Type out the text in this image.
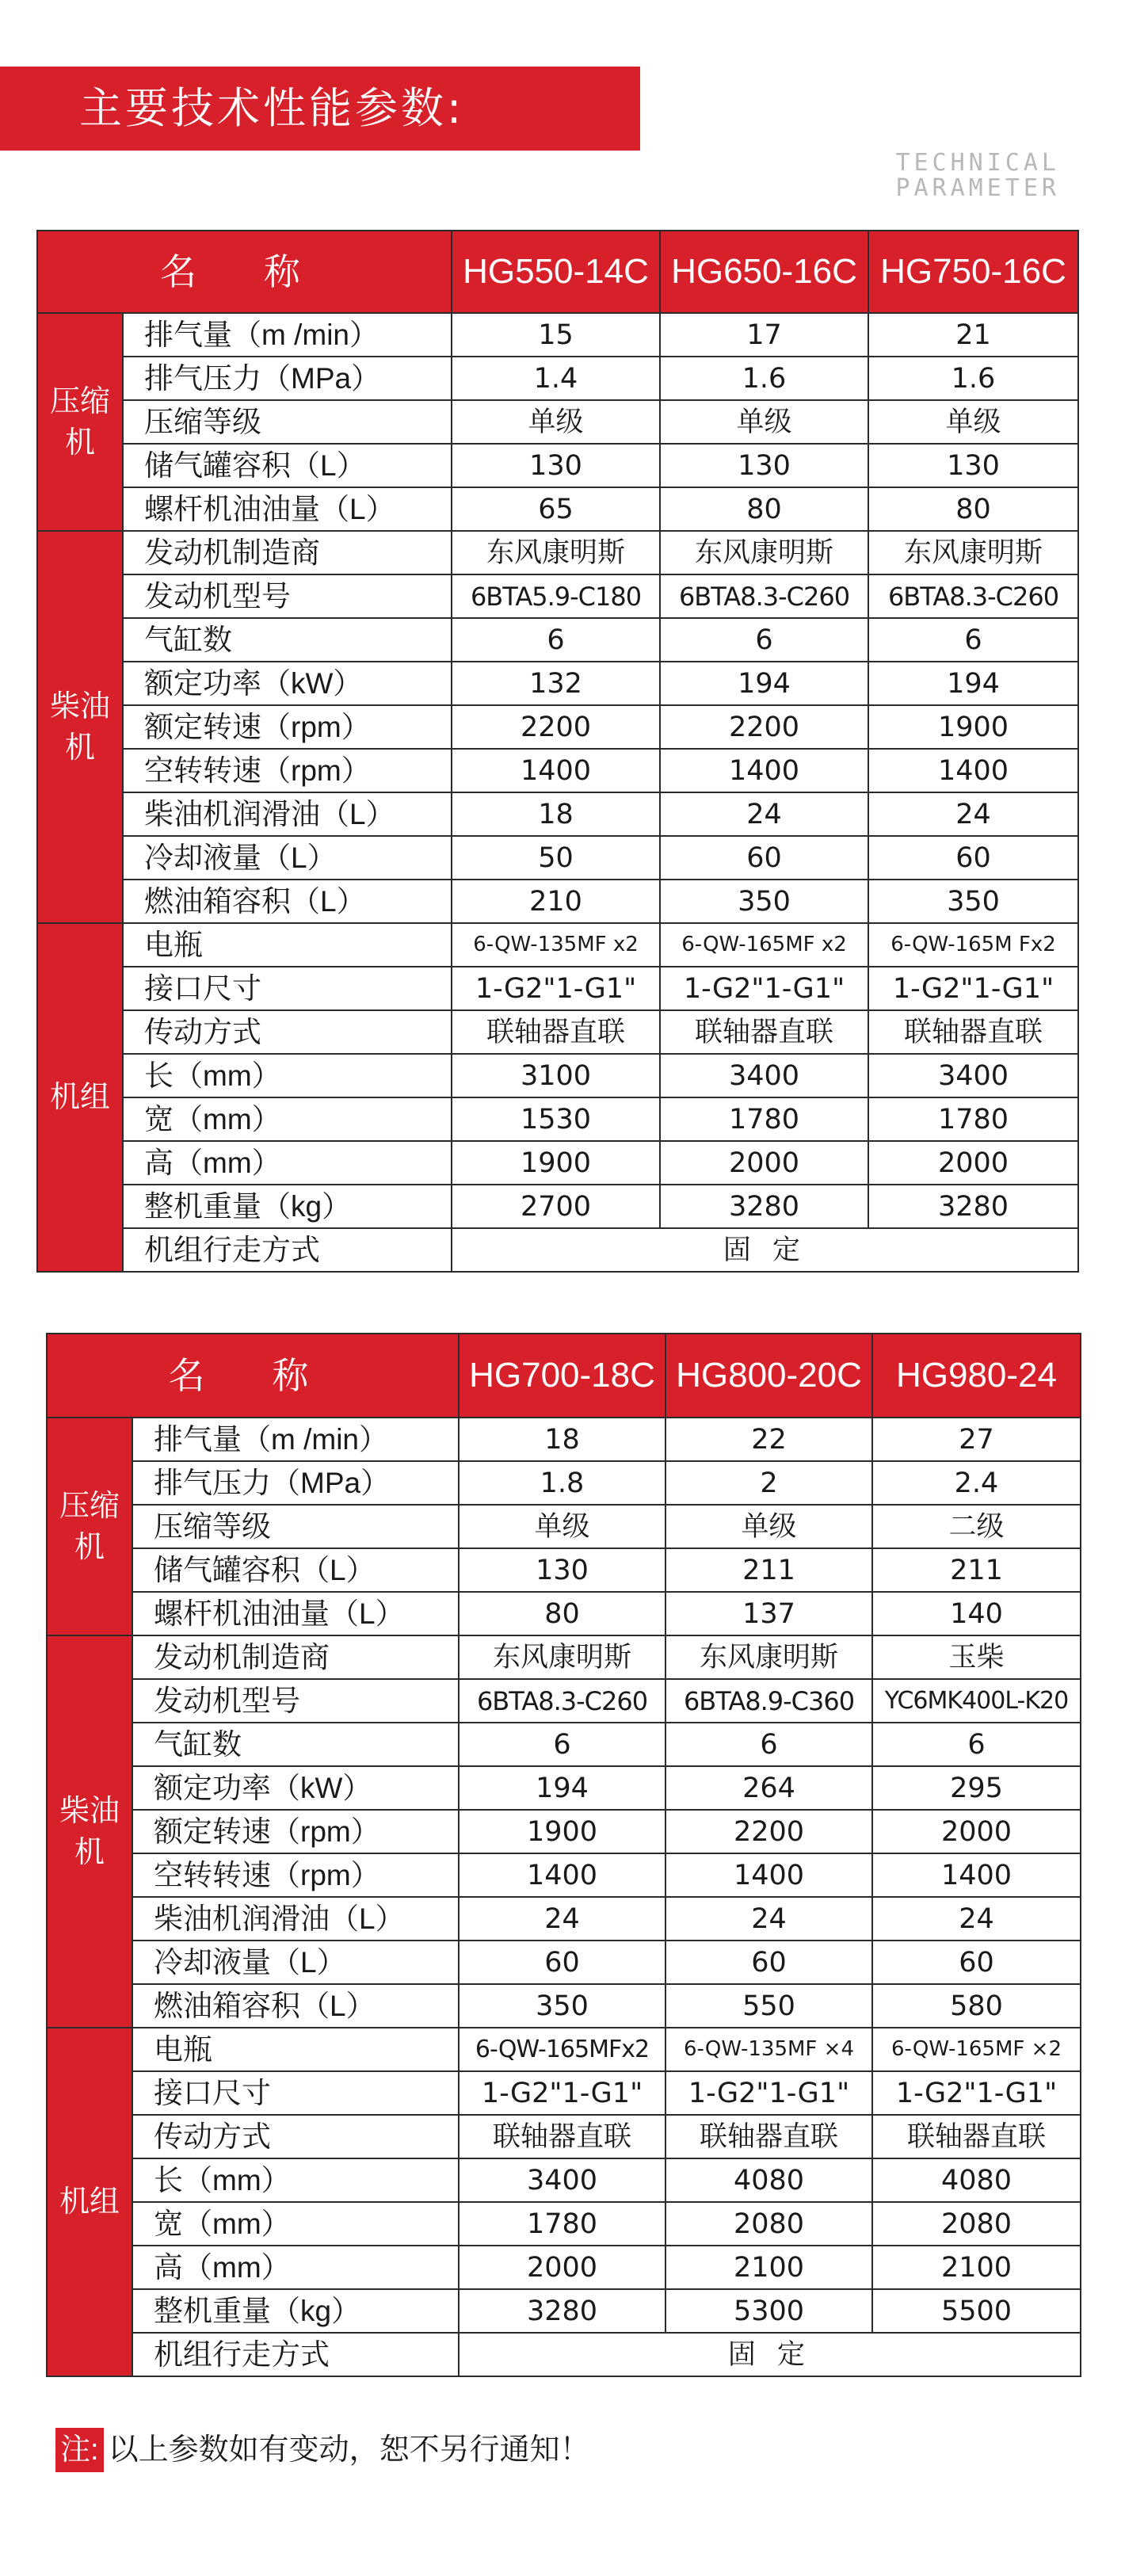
主要技术性能参数:
TECHNICAL
PARAMETER
名 称		HG550-14C	HG650-16C	HG750-16C
压缩机	排气量（m /min）	15	17	21
	排气压力（MPa）	1.4	1.6	1.6
	压缩等级	单级	单级	单级
	储气罐容积（L）	130	130	130
	螺杆机油油量（L）	65	80	80
柴油机	发动机制造商	东风康明斯	东风康明斯	东风康明斯
	发动机型号	6BTA5.9-C180	6BTA8.3-C260	6BTA8.3-C260
	气缸数	6	6	6
	额定功率（kW）	132	194	194
	额定转速（rpm）	2200	2200	1900
	空转转速（rpm）	1400	1400	1400
	柴油机润滑油（L）	18	24	24
	冷却液量（L）	50	60	60
	燃油箱容积（L）	210	350	350
机组	电瓶	6-QW-135MF x2	6-QW-165MF x2	6-QW-165M Fx2
	接口尺寸	1-G2"1-G1"	1-G2"1-G1"	1-G2"1-G1"
	传动方式	联轴器直联	联轴器直联	联轴器直联
	长（mm）	3100	3400	3400
	宽（mm）	1530	1780	1780
	高（mm）	1900	2000	2000
	整机重量（kg）	2700	3280	3280
	机组行走方式	固 定		
名 称		HG700-18C	HG800-20C	HG980-24
压缩机	排气量（m /min）	18	22	27
	排气压力（MPa）	1.8	2	2.4
	压缩等级	单级	单级	二级
	储气罐容积（L）	130	211	211
	螺杆机油油量（L）	80	137	140
柴油机	发动机制造商	东风康明斯	东风康明斯	玉柴
	发动机型号	6BTA8.3-C260	6BTA8.9-C360	YC6MK400L-K20
	气缸数	6	6	6
	额定功率（kW）	194	264	295
	额定转速（rpm）	1900	2200	2000
	空转转速（rpm）	1400	1400	1400
	柴油机润滑油（L）	24	24	24
	冷却液量（L）	60	60	60
	燃油箱容积（L）	350	550	580
机组	电瓶	6-QW-165MFx2	6-QW-135MF ×4	6-QW-165MF ×2
	接口尺寸	1-G2"1-G1"	1-G2"1-G1"	1-G2"1-G1"
	传动方式	联轴器直联	联轴器直联	联轴器直联
	长（mm）	3400	4080	4080
	宽（mm）	1780	2080	2080
	高（mm）	2000	2100	2100
	整机重量（kg）	3280	5300	5500
	机组行走方式	固 定		
注: 以上参数如有变动，恕不另行通知！
